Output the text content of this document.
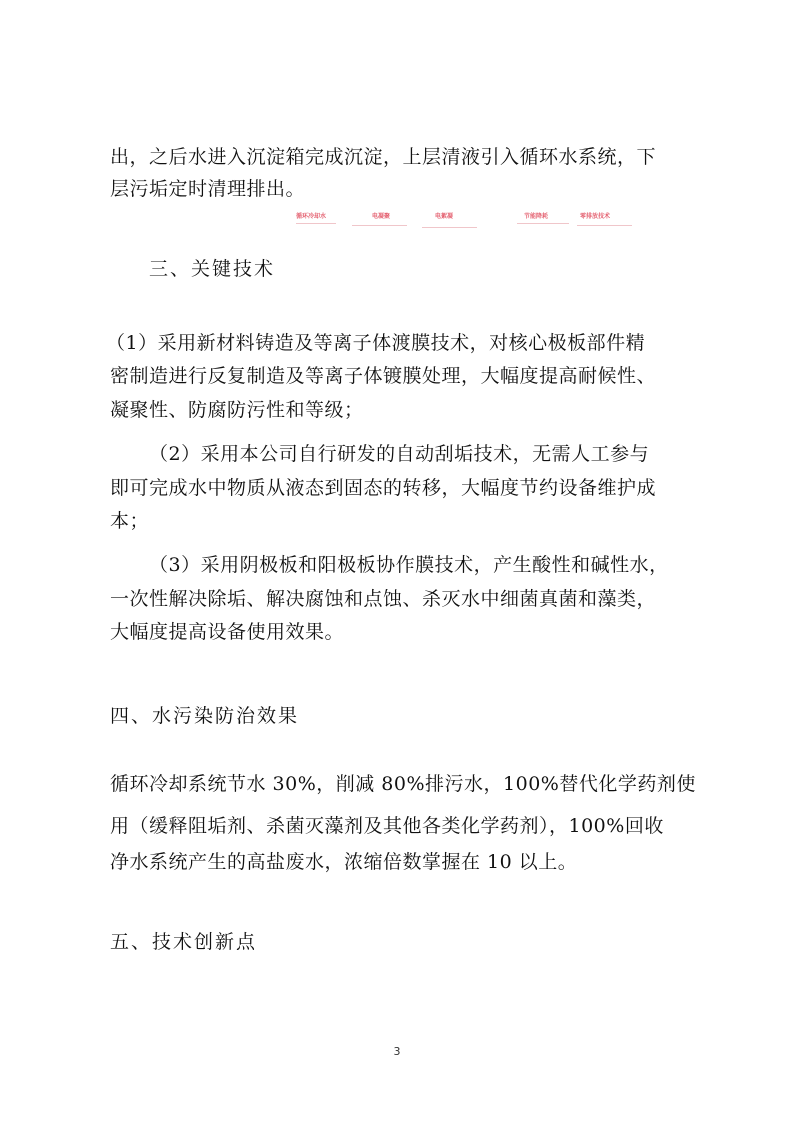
出，之后水进入沉淀箱完成沉淀，上层清液引入循环水系统，下
层污垢定时清理排出。
循环冷却水	电凝聚	电絮凝	节能降耗	零排放技术
三、关键技术
（1）采用新材料铸造及等离子体渡膜技术，对核心极板部件精
密制造进行反复制造及等离子体镀膜处理，大幅度提高耐候性、
凝聚性、防腐防污性和等级；
（2）采用本公司自行研发的自动刮垢技术，无需人工参与
即可完成水中物质从液态到固态的转移，大幅度节约设备维护成
本；
（3）采用阴极板和阳极板协作膜技术，产生酸性和碱性水，
一次性解决除垢、解决腐蚀和点蚀、杀灭水中细菌真菌和藻类，
大幅度提高设备使用效果。
四、水污染防治效果
循环冷却系统节水 30%，削减 80%排污水，100%替代化学药剂使
用（缓释阻垢剂、杀菌灭藻剂及其他各类化学药剂），100%回收
净水系统产生的高盐废水，浓缩倍数掌握在 10 以上。
五、技术创新点
3
